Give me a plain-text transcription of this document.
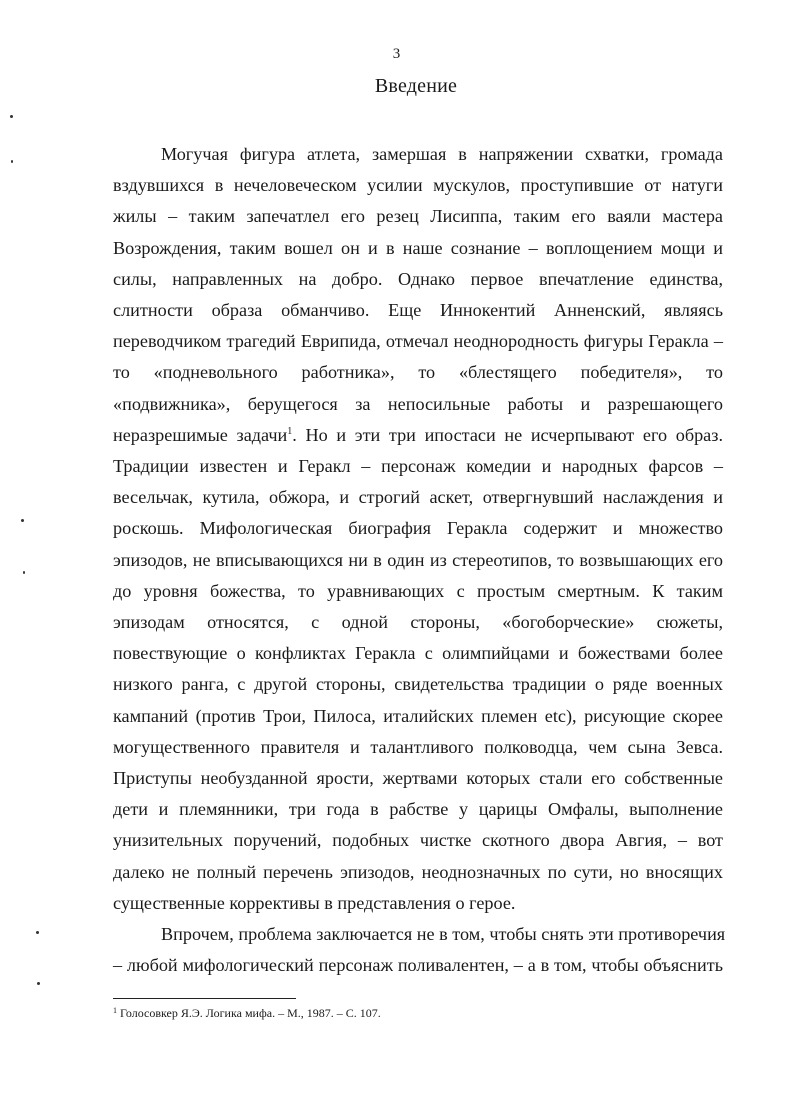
3
Введение
Могучая фигура атлета, замершая в напряжении схватки, громада
вздувшихся в нечеловеческом усилии мускулов, проступившие от натуги
жилы – таким запечатлел его резец Лисиппа, таким его ваяли мастера
Возрождения, таким вошел он и в наше сознание – воплощением мощи и
силы, направленных на добро. Однако первое впечатление единства,
слитности образа обманчиво. Еще Иннокентий Анненский, являясь
переводчиком трагедий Еврипида, отмечал неоднородность фигуры Геракла –
то «подневольного работника», то «блестящего победителя», то
«подвижника», берущегося за непосильные работы и разрешающего
неразрешимые задачи$^1$. Но и эти три ипостаси не исчерпывают его образ.
Традиции известен и Геракл – персонаж комедии и народных фарсов –
весельчак, кутила, обжора, и строгий аскет, отвергнувший наслаждения и
роскошь. Мифологическая биография Геракла содержит и множество
эпизодов, не вписывающихся ни в один из стереотипов, то возвышающих его
до уровня божества, то уравнивающих с простым смертным. К таким
эпизодам относятся, с одной стороны, «богоборческие» сюжеты,
повествующие о конфликтах Геракла с олимпийцами и божествами более
низкого ранга, с другой стороны, свидетельства традиции о ряде военных
кампаний (против Трои, Пилоса, италийских племен etc), рисующие скорее
могущественного правителя и талантливого полководца, чем сына Зевса.
Приступы необузданной ярости, жертвами которых стали его собственные
дети и племянники, три года в рабстве у царицы Омфалы, выполнение
унизительных поручений, подобных чистке скотного двора Авгия, – вот
далеко не полный перечень эпизодов, неоднозначных по сути, но вносящих
существенные коррективы в представления о герое.
Впрочем, проблема заключается не в том, чтобы снять эти противоречия
– любой мифологический персонаж поливалентен, – а в том, чтобы объяснить
$^1$ Голосовкер Я.Э. Логика мифа. – М., 1987. – С. 107.
